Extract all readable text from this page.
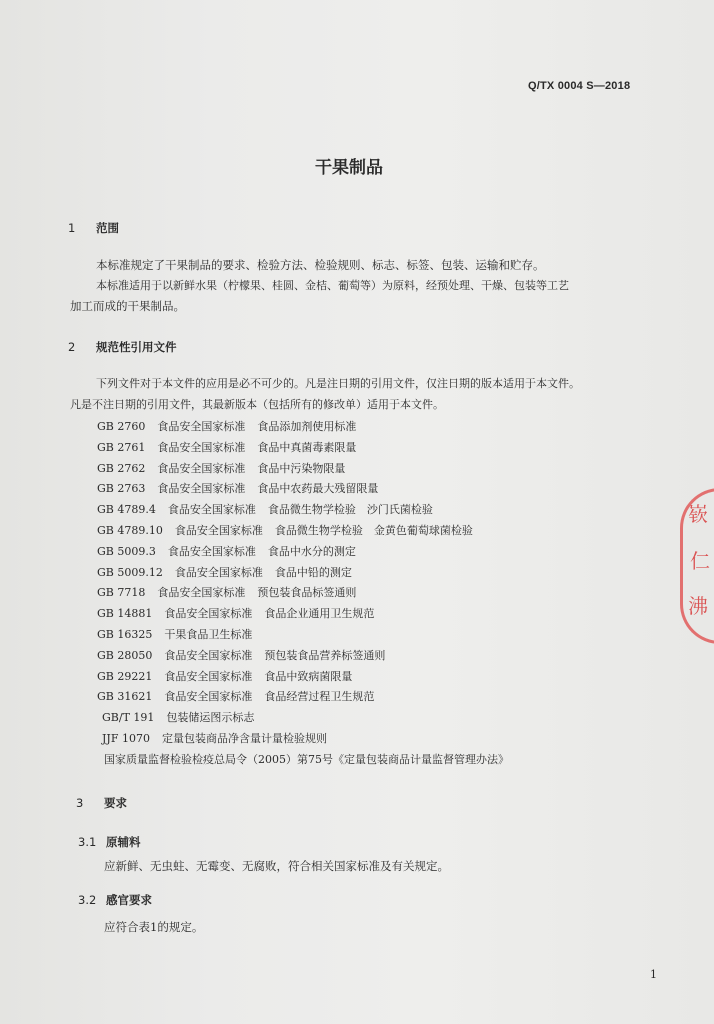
Q/TX 0004 S—2018
干果制品
1 范围
本标准规定了干果制品的要求、检验方法、检验规则、标志、标签、包装、运输和贮存。
本标准适用于以新鲜水果（柠檬果、桂圆、金桔、葡萄等）为原料，经预处理、干燥、包装等工艺
加工而成的干果制品。
2 规范性引用文件
下列文件对于本文件的应用是必不可少的。凡是注日期的引用文件，仅注日期的版本适用于本文件。
凡是不注日期的引用文件，其最新版本（包括所有的修改单）适用于本文件。
GB 2760 食品安全国家标准 食品添加剂使用标准
GB 2761 食品安全国家标准 食品中真菌毒素限量
GB 2762 食品安全国家标准 食品中污染物限量
GB 2763 食品安全国家标准 食品中农药最大残留限量
GB 4789.4 食品安全国家标准 食品微生物学检验　沙门氏菌检验
GB 4789.10 食品安全国家标准 食品微生物学检验　金黄色葡萄球菌检验
GB 5009.3 食品安全国家标准 食品中水分的测定
GB 5009.12 食品安全国家标准 食品中铅的测定
GB 7718 食品安全国家标准 预包装食品标签通则
GB 14881 食品安全国家标准 食品企业通用卫生规范
GB 16325 干果食品卫生标准
GB 28050 食品安全国家标准 预包装食品营养标签通则
GB 29221 食品安全国家标准 食品中致病菌限量
GB 31621 食品安全国家标准 食品经营过程卫生规范
GB/T 191 包装储运图示标志
JJF 1070 定量包装商品净含量计量检验规则
国家质量监督检验检疫总局令（2005）第75号《定量包装商品计量监督管理办法》
3 要求
3.1 原辅料
应新鲜、无虫蛀、无霉变、无腐败，符合相关国家标准及有关规定。
3.2 感官要求
应符合表1的规定。
1
嵚
仁
沸
